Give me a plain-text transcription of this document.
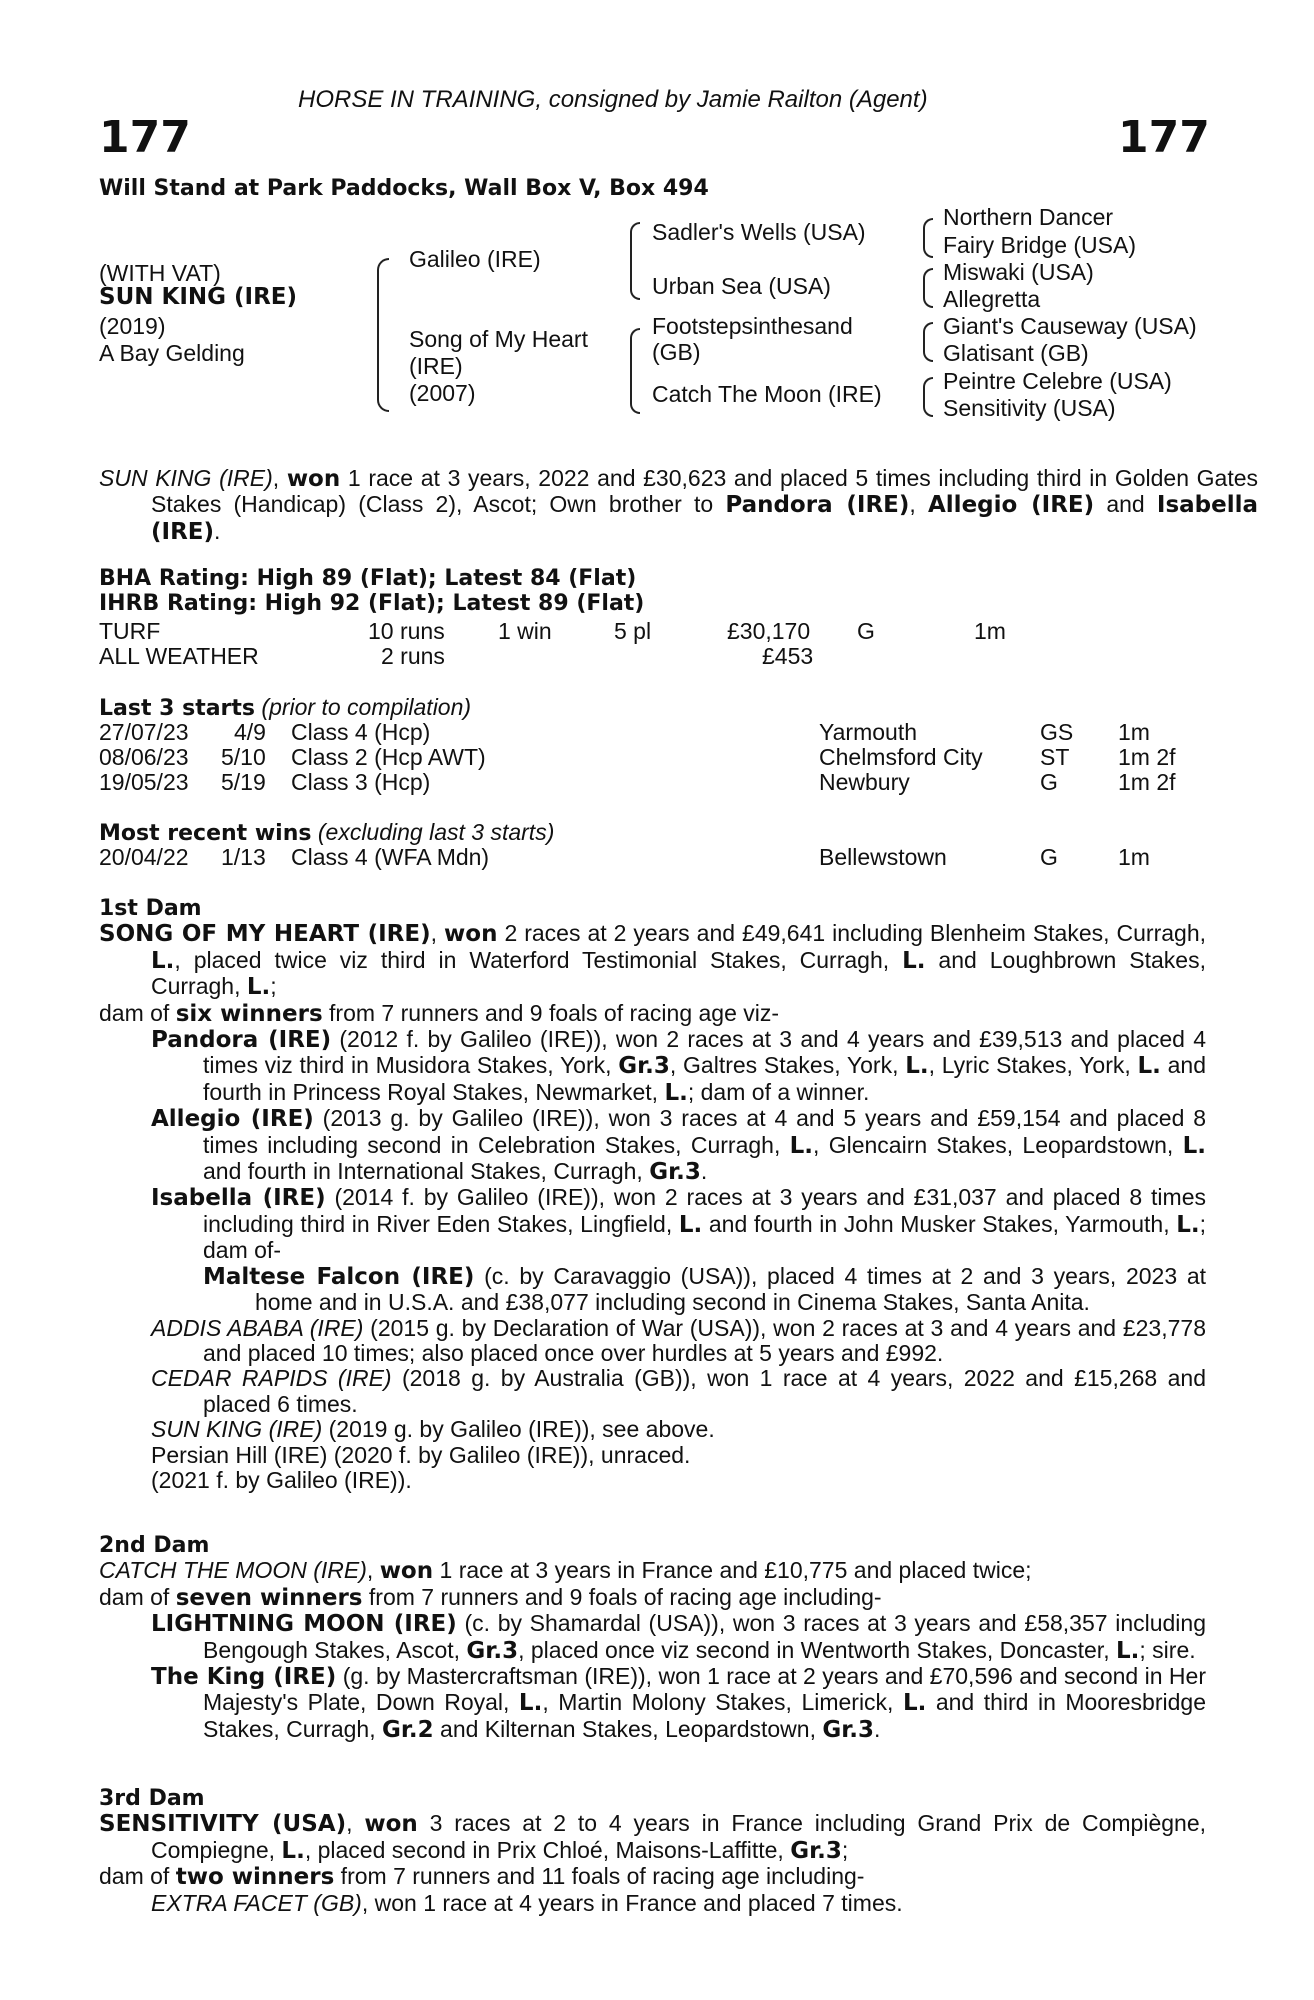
HORSE IN TRAINING, consigned by Jamie Railton (Agent)
177	177
Will Stand at Park Paddocks, Wall Box V, Box 494
(WITH VAT)
SUN KING (IRE)
(2019)
A Bay Gelding
Galileo (IRE)
Song of My Heart
(IRE)
(2007)
Sadler's Wells (USA)
Urban Sea (USA)
Footstepsinthesand
(GB)
Catch The Moon (IRE)
Northern Dancer
Fairy Bridge (USA)
Miswaki (USA)
Allegretta
Giant's Causeway (USA)
Glatisant (GB)
Peintre Celebre (USA)
Sensitivity (USA)
SUN KING (IRE), won 1 race at 3 years, 2022 and £30,623 and placed 5 times including third in Golden Gates Stakes (Handicap) (Class 2), Ascot; Own brother to Pandora (IRE), Allegio (IRE) and Isabella (IRE).
BHA Rating: High 89 (Flat); Latest 84 (Flat)
IHRB Rating: High 92 (Flat); Latest 89 (Flat)
TURF	10 runs 1 win	5 pl	£30,170 G	1m
ALL WEATHER	2 runs	£453
Last 3 starts (prior to compilation)
27/07/23 4/9 Class 4 (Hcp)	Yarmouth	GS 1m
08/06/23 5/10 Class 2 (Hcp AWT)	Chelmsford City ST 1m 2f
19/05/23 5/19 Class 3 (Hcp)	Newbury	G	1m 2f
Most recent wins (excluding last 3 starts)
20/04/22 1/13 Class 4 (WFA Mdn)	Bellewstown	G	1m
1st Dam
SONG OF MY HEART (IRE), won 2 races at 2 years and £49,641 including Blenheim Stakes, Curragh, L., placed twice viz third in Waterford Testimonial Stakes, Curragh, L. and Loughbrown Stakes, Curragh, L.;
dam of six winners from 7 runners and 9 foals of racing age viz-
Pandora (IRE) (2012 f. by Galileo (IRE)), won 2 races at 3 and 4 years and £39,513 and placed 4 times viz third in Musidora Stakes, York, Gr.3, Galtres Stakes, York, L., Lyric Stakes, York, L. and fourth in Princess Royal Stakes, Newmarket, L.; dam of a winner.
Allegio (IRE) (2013 g. by Galileo (IRE)), won 3 races at 4 and 5 years and £59,154 and placed 8 times including second in Celebration Stakes, Curragh, L., Glencairn Stakes, Leopardstown, L. and fourth in International Stakes, Curragh, Gr.3.
Isabella (IRE) (2014 f. by Galileo (IRE)), won 2 races at 3 years and £31,037 and placed 8 times including third in River Eden Stakes, Lingfield, L. and fourth in John Musker Stakes, Yarmouth, L.; dam of-
Maltese Falcon (IRE) (c. by Caravaggio (USA)), placed 4 times at 2 and 3 years, 2023 at home and in U.S.A. and £38,077 including second in Cinema Stakes, Santa Anita.
ADDIS ABABA (IRE) (2015 g. by Declaration of War (USA)), won 2 races at 3 and 4 years and £23,778 and placed 10 times; also placed once over hurdles at 5 years and £992.
CEDAR RAPIDS (IRE) (2018 g. by Australia (GB)), won 1 race at 4 years, 2022 and £15,268 and placed 6 times.
SUN KING (IRE) (2019 g. by Galileo (IRE)), see above.
Persian Hill (IRE) (2020 f. by Galileo (IRE)), unraced.
(2021 f. by Galileo (IRE)).
2nd Dam
CATCH THE MOON (IRE), won 1 race at 3 years in France and £10,775 and placed twice;
dam of seven winners from 7 runners and 9 foals of racing age including-
LIGHTNING MOON (IRE) (c. by Shamardal (USA)), won 3 races at 3 years and £58,357 including Bengough Stakes, Ascot, Gr.3, placed once viz second in Wentworth Stakes, Doncaster, L.; sire.
The King (IRE) (g. by Mastercraftsman (IRE)), won 1 race at 2 years and £70,596 and second in Her Majesty's Plate, Down Royal, L., Martin Molony Stakes, Limerick, L. and third in Mooresbridge Stakes, Curragh, Gr.2 and Kilternan Stakes, Leopardstown, Gr.3.
3rd Dam
SENSITIVITY (USA), won 3 races at 2 to 4 years in France including Grand Prix de Compiègne, Compiegne, L., placed second in Prix Chloé, Maisons-Laffitte, Gr.3;
dam of two winners from 7 runners and 11 foals of racing age including-
EXTRA FACET (GB), won 1 race at 4 years in France and placed 7 times.
